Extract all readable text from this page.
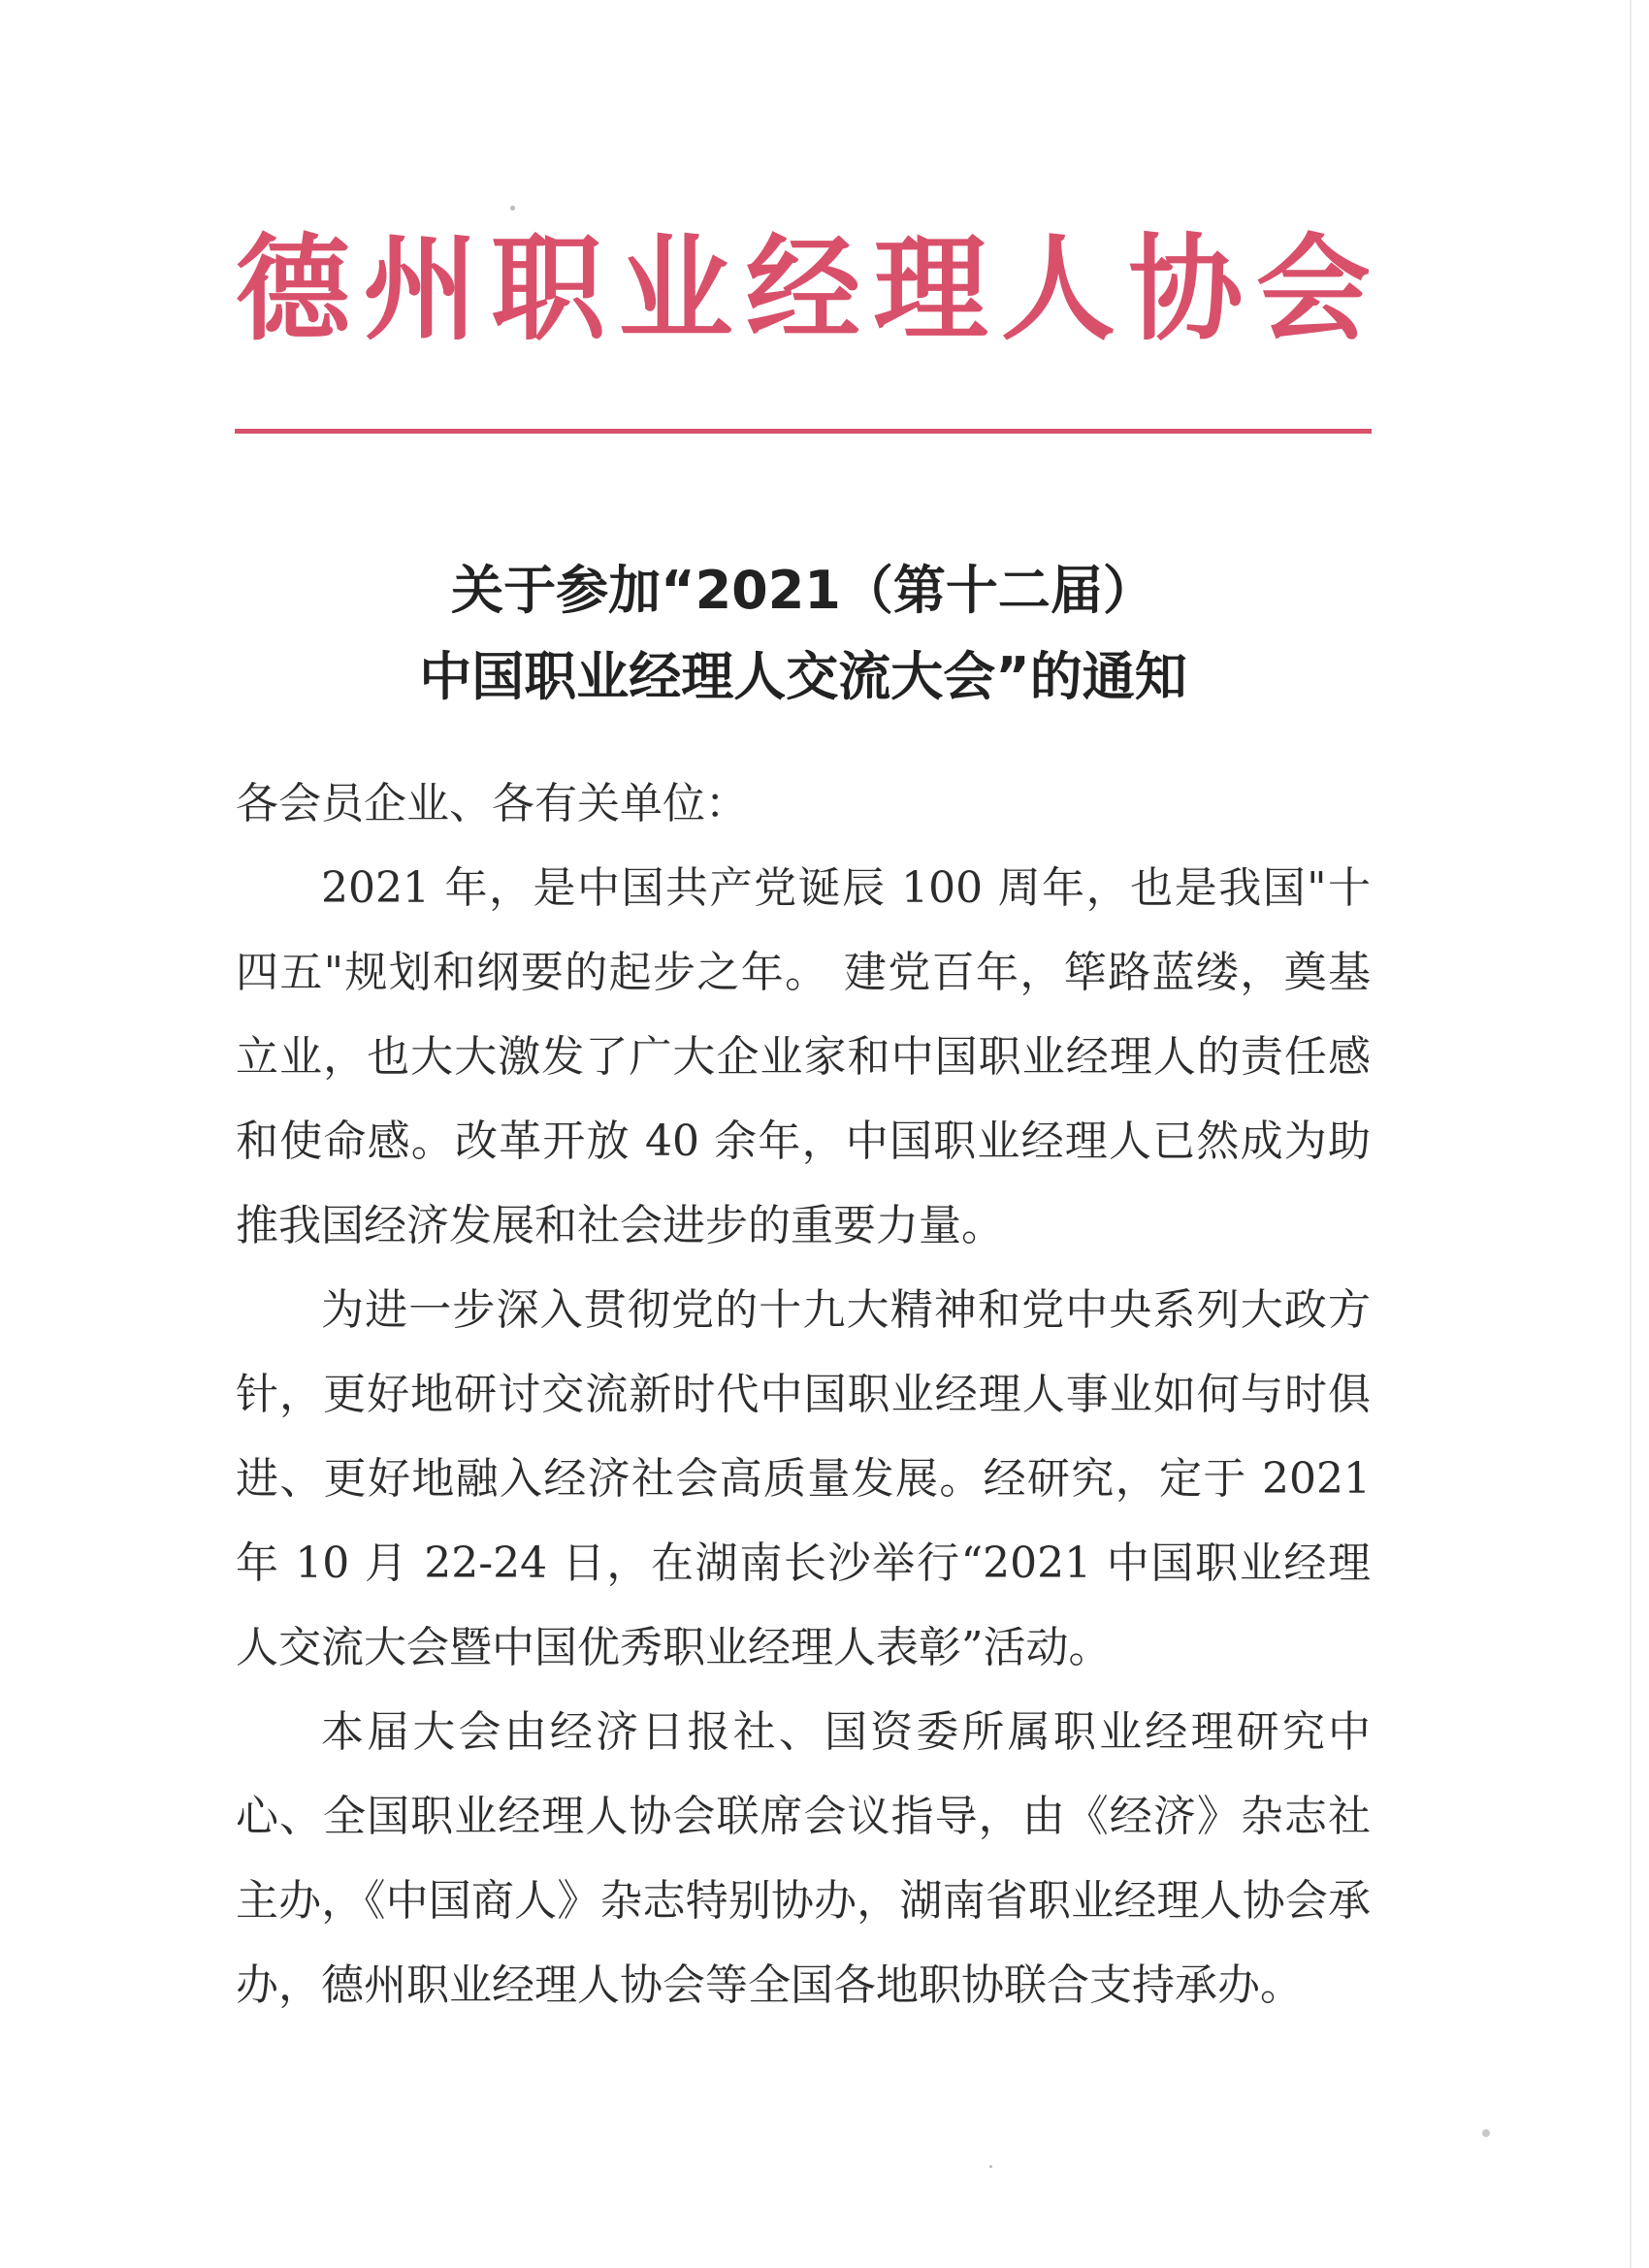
德 州 职 业 经 理 人 协 会
关于参加“2021（第十二届）
中国职业经理人交流大会”的通知

各会员企业、各有关单位：

2021 年，是中国共产党诞辰 100 周年，也是我国"十四五"规划和纲要的起步之年。 建党百年，筚路蓝缕，奠基立业，也大大激发了广大企业家和中国职业经理人的责任感和使命感。改革开放 40 余年，中国职业经理人已然成为助推我国经济发展和社会进步的重要力量。

为进一步深入贯彻党的十九大精神和党中央系列大政方针，更好地研讨交流新时代中国职业经理人事业如何与时俱进、更好地融入经济社会高质量发展。经研究，定于 2021 年 10 月 22-24 日，在湖南长沙举行“2021 中国职业经理人交流大会暨中国优秀职业经理人表彰”活动。

本届大会由经济日报社、国资委所属职业经理研究中心、全国职业经理人协会联席会议指导，由《经济》杂志社主办，《中国商人》杂志特别协办，湖南省职业经理人协会承办，德州职业经理人协会等全国各地职协联合支持承办。
